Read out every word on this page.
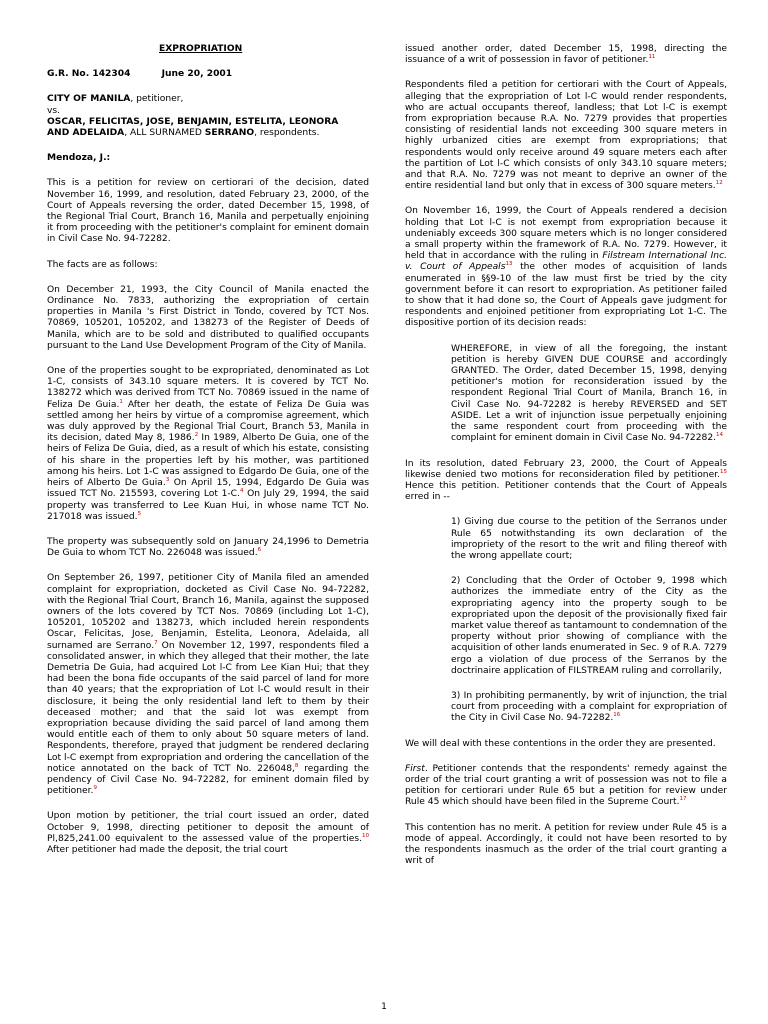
EXPROPRIATION
G.R. No. 142304	June 20, 2001
CITY OF MANILA, petitioner,
vs.
OSCAR, FELICITAS, JOSE, BENJAMIN, ESTELITA, LEONORA
AND ADELAIDA, ALL SURNAMED SERRANO, respondents.

Mendoza, J.:

This is a petition for review on certiorari of the decision, dated November 16, 1999, and resolution, dated February 23, 2000, of the Court of Appeals reversing the order, dated December 15, 1998, of the Regional Trial Court, Branch 16, Manila and perpetually enjoining it from proceeding with the petitioner's complaint for eminent domain in Civil Case No. 94-72282.

The facts are as follows:

On December 21, 1993, the City Council of Manila enacted the Ordinance No. 7833, authorizing the expropriation of certain properties in Manila 's First District in Tondo, covered by TCT Nos. 70869, 105201, 105202, and 138273 of the Register of Deeds of Manila, which are to be sold and distributed to qualified occupants pursuant to the Land Use Development Program of the City of Manila.

One of the properties sought to be expropriated, denominated as Lot 1-C, consists of 343.10 square meters. It is covered by TCT No. 138272 which was derived from TCT No. 70869 issued in the name of Feliza De Guia.$^1$ After her death, the estate of Feliza De Guia was settled among her heirs by virtue of a compromise agreement, which was duly approved by the Regional Trial Court, Branch 53, Manila in its decision, dated May 8, 1986.$^2$ In 1989, Alberto De Guia, one of the heirs of Feliza De Guia, died, as a result of which his estate, consisting of his share in the properties left by his mother, was partitioned among his heirs. Lot 1-C was assigned to Edgardo De Guia, one of the heirs of Alberto De Guia.$^3$ On April 15, 1994, Edgardo De Guia was issued TCT No. 215593, covering Lot 1-C.$^4$ On July 29, 1994, the said property was transferred to Lee Kuan Hui, in whose name TCT No. 217018 was issued.$^5$

The property was subsequently sold on January 24,1996 to Demetria De Guia to whom TCT No. 226048 was issued.$^6$

On September 26, 1997, petitioner City of Manila filed an amended complaint for expropriation, docketed as Civil Case No. 94-72282, with the Regional Trial Court, Branch 16, Manila, against the supposed owners of the lots covered by TCT Nos. 70869 (including Lot 1-C), 105201, 105202 and 138273, which included herein respondents Oscar, Felicitas, Jose, Benjamin, Estelita, Leonora, Adelaida, all surnamed are Serrano.$^7$ On November 12, 1997, respondents filed a consolidated answer, in which they alleged that their mother, the late Demetria De Guia, had acquired Lot l-C from Lee Kian Hui; that they had been the bona fide occupants of the said parcel of land for more than 40 years; that the expropriation of Lot l-C would result in their disclosure, it being the only residential land left to them by their deceased mother; and that the said lot was exempt from expropriation because dividing the said parcel of land among them would entitle each of them to only about 50 square meters of land. Respondents, therefore, prayed that judgment be rendered declaring Lot l-C exempt from expropriation and ordering the cancellation of the notice annotated on the back of TCT No. 226048,$^8$ regarding the pendency of Civil Case No. 94-72282, for eminent domain filed by petitioner.$^9$

Upon motion by petitioner, the trial court issued an order, dated October 9, 1998, directing petitioner to deposit the amount of Pl,825,241.00 equivalent to the assessed value of the properties.$^{10}$ After petitioner had made the deposit, the trial court

issued another order, dated December 15, 1998, directing the issuance of a writ of possession in favor of petitioner.$^{11}$

Respondents filed a petition for certiorari with the Court of Appeals, alleging that the expropriation of Lot l-C would render respondents, who are actual occupants thereof, landless; that Lot l-C is exempt from expropriation because R.A. No. 7279 provides that properties consisting of residential lands not exceeding 300 square meters in highly urbanized cities are exempt from expropriations; that respondents would only receive around 49 square meters each after the partition of Lot l-C which consists of only 343.10 square meters; and that R.A. No. 7279 was not meant to deprive an owner of the entire residential land but only that in excess of 300 square meters.$^{12}$

On November 16, 1999, the Court of Appeals rendered a decision holding that Lot l-C is not exempt from expropriation because it undeniably exceeds 300 square meters which is no longer considered a small property within the framework of R.A. No. 7279. However, it held that in accordance with the ruling in Filstream International Inc. v. Court of Appeals$^{13}$ the other modes of acquisition of lands enumerated in §§9-10 of the law must first be tried by the city government before it can resort to expropriation. As petitioner failed to show that it had done so, the Court of Appeals gave judgment for respondents and enjoined petitioner from expropriating Lot 1-C. The dispositive portion of its decision reads:

WHEREFORE, in view of all the foregoing, the instant petition is hereby GIVEN DUE COURSE and accordingly GRANTED. The Order, dated December 15, 1998, denying petitioner's motion for reconsideration issued by the respondent Regional Trial Court of Manila, Branch 16, in Civil Case No. 94-72282 is hereby REVERSED and SET ASIDE. Let a writ of injunction issue perpetually enjoining the same respondent court from proceeding with the complaint for eminent domain in Civil Case No. 94-72282.14

In its resolution, dated February 23, 2000, the Court of Appeals likewise denied two motions for reconsideration filed by petitioner.$^{15}$ Hence this petition. Petitioner contends that the Court of Appeals erred in --

1) Giving due course to the petition of the Serranos under Rule 65 notwithstanding its own declaration of the impropriety of the resort to the writ and filing thereof with the wrong appellate court;

2) Concluding that the Order of October 9, 1998 which authorizes the immediate entry of the City as the expropriating agency into the property sough to be expropriated upon the deposit of the provisionally fixed fair market value thereof as tantamount to condemnation of the property without prior showing of compliance with the acquisition of other lands enumerated in Sec. 9 of R.A. 7279 ergo a violation of due process of the Serranos by the doctrinaire application of FILSTREAM ruling and corrollarily,

3) In prohibiting permanently, by writ of injunction, the trial court from proceeding with a complaint for expropriation of the City in Civil Case No. 94-72282.16

We will deal with these contentions in the order they are presented.

First. Petitioner contends that the respondents' remedy against the order of the trial court granting a writ of possession was not to file a petition for certiorari under Rule 65 but a petition for review under Rule 45 which should have been filed in the Supreme Court.$^{17}$

This contention has no merit. A petition for review under Rule 45 is a mode of appeal. Accordingly, it could not have been resorted to by the respondents inasmuch as the order of the trial court granting a writ of

1
